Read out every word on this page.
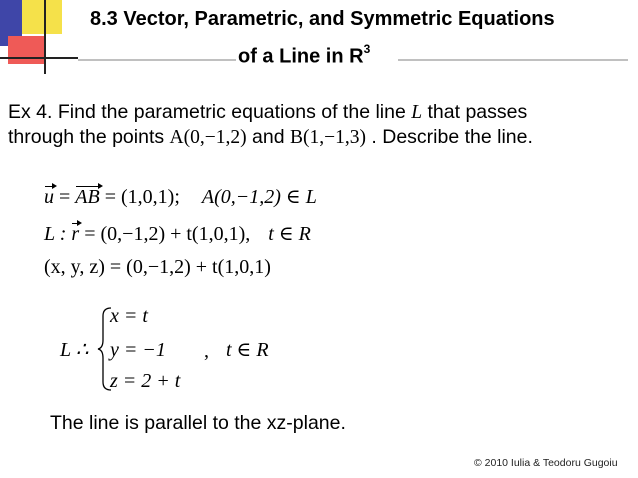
8.3 Vector, Parametric, and Symmetric Equations
of a Line in $R^3$
Ex 4. Find the parametric equations of the line L that passes
through the points A(0,−1,2) and B(1,−1,3) . Describe the line.
u = AB = (1,0,1); A(0,−1,2) ∈ L
L : r = (0,−1,2) + t(1,0,1), t ∈ R
(x, y, z) = (0,−1,2) + t(1,0,1)
L ∴
x = t
y = −1
z = 2 + t
, t ∈ R
The line is parallel to the xz-plane.
© 2010 Iulia & Teodoru Gugoiu
